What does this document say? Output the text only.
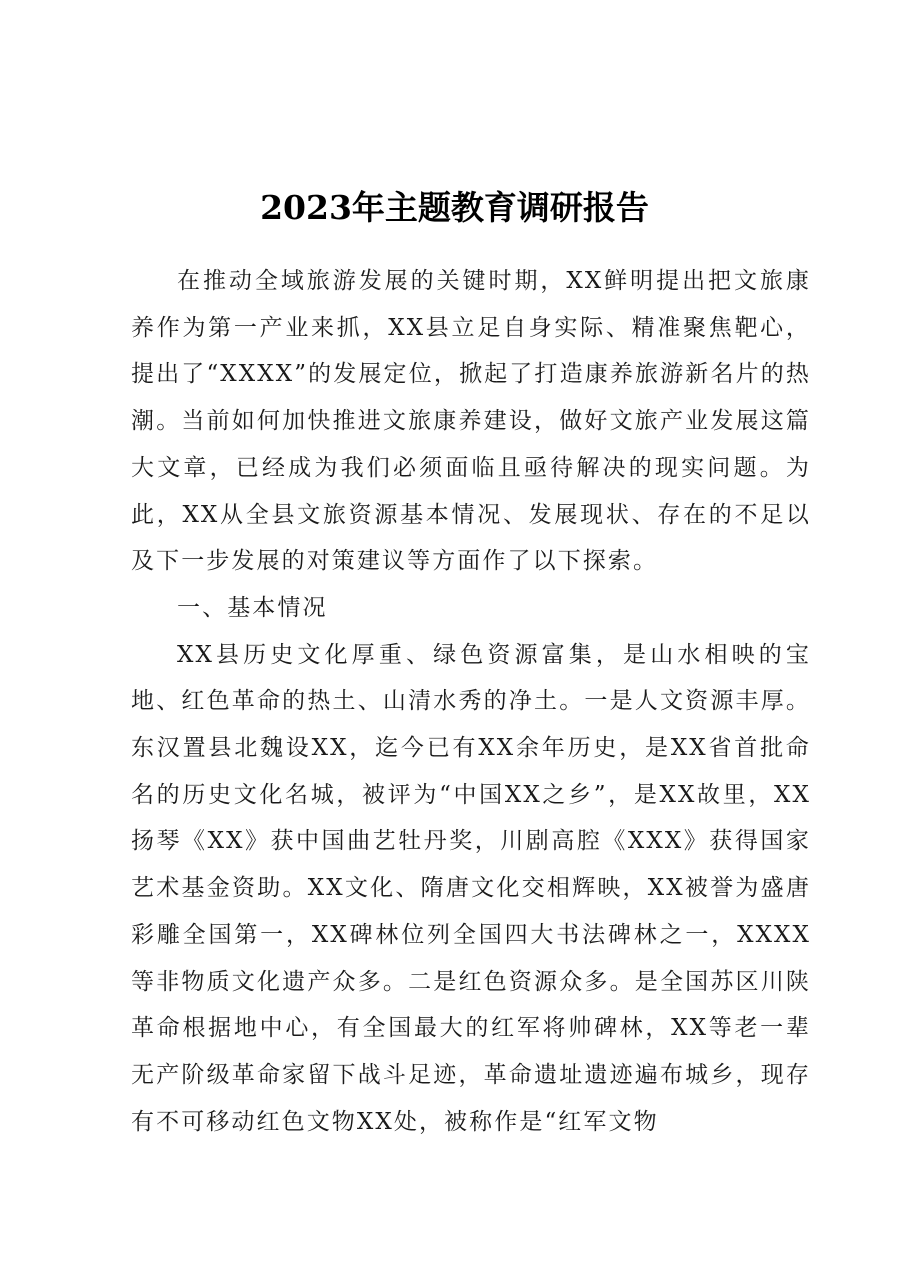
2023年主题教育调研报告

在推动全域旅游发展的关键时期，XX鲜明提出把文旅康养作为第一产业来抓，XX县立足自身实际、精准聚焦靶心，提出了“XXXX”的发展定位，掀起了打造康养旅游新名片的热潮。当前如何加快推进文旅康养建设，做好文旅产业发展这篇大文章，已经成为我们必须面临且亟待解决的现实问题。为此，XX从全县文旅资源基本情况、发展现状、存在的不足以及下一步发展的对策建议等方面作了以下探索。

一、基本情况

XX县历史文化厚重、绿色资源富集，是山水相映的宝地、红色革命的热土、山清水秀的净土。一是人文资源丰厚。东汉置县北魏设XX，迄今已有XX余年历史，是XX省首批命名的历史文化名城，被评为“中国XX之乡”，是XX故里，XX扬琴《XX》获中国曲艺牡丹奖，川剧高腔《XXX》获得国家艺术基金资助。XX文化、隋唐文化交相辉映，XX被誉为盛唐彩雕全国第一，XX碑林位列全国四大书法碑林之一，XXXX等非物质文化遗产众多。二是红色资源众多。是全国苏区川陕革命根据地中心，有全国最大的红军将帅碑林，XX等老一辈无产阶级革命家留下战斗足迹，革命遗址遗迹遍布城乡，现存有不可移动红色文物XX处，被称作是“红军文物
